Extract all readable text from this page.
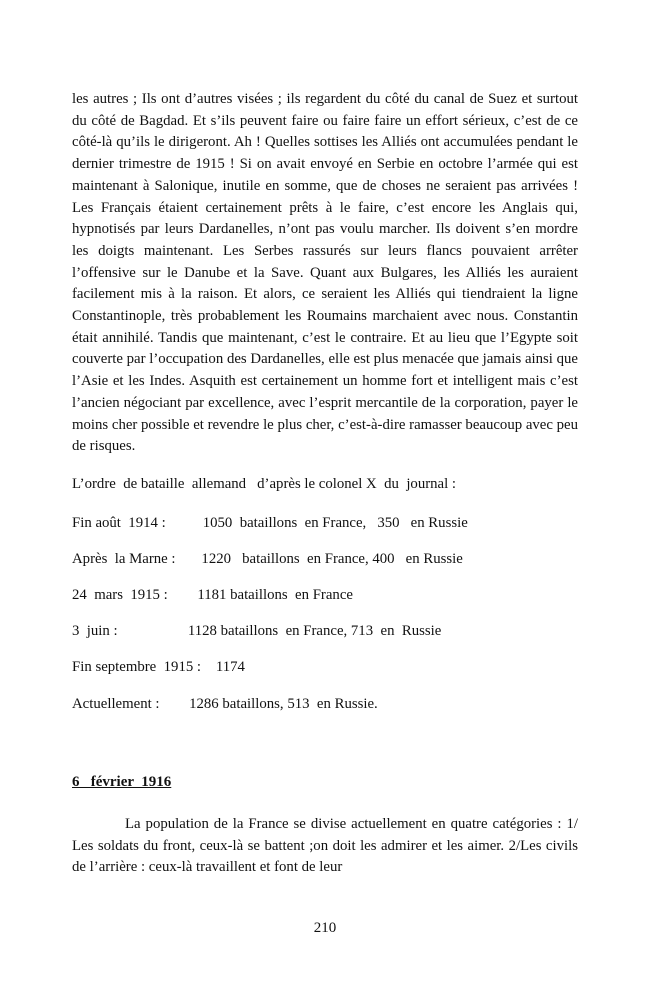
les autres ; Ils ont d’autres visées ; ils regardent du côté du canal de Suez et surtout du côté de Bagdad. Et s’ils peuvent faire ou faire faire un effort sérieux, c’est de ce côté-là qu’ils le dirigeront. Ah ! Quelles sottises les Alliés ont accumulées pendant le dernier trimestre de 1915 ! Si on avait envoyé en Serbie en octobre l’armée qui est maintenant à Salonique, inutile en somme, que de choses ne seraient pas arrivées ! Les Français étaient certainement prêts à le faire, c’est encore les Anglais qui, hypnotisés par leurs Dardanelles, n’ont pas voulu marcher. Ils doivent s’en mordre les doigts maintenant. Les Serbes rassurés sur leurs flancs pouvaient arrêter l’offensive sur le Danube et la Save. Quant aux Bulgares, les Alliés les auraient facilement mis à la raison. Et alors, ce seraient les Alliés qui tiendraient la ligne Constantinople, très probablement les Roumains marchaient avec nous. Constantin était annihilé. Tandis que maintenant, c’est le contraire. Et au lieu que l’Egypte soit couverte par l’occupation des Dardanelles, elle est plus menacée que jamais ainsi que l’Asie et les Indes. Asquith est certainement un homme fort et intelligent mais c’est l’ancien négociant par excellence, avec l’esprit mercantile de la corporation, payer le moins cher possible et revendre le plus cher, c’est-à-dire ramasser beaucoup avec peu de risques.

L’ordre  de bataille  allemand   d’après le colonel X  du  journal :

Fin août  1914 :          1050  bataillons  en France,   350   en Russie

Après  la Marne :       1220   bataillons  en France, 400   en Russie

24  mars  1915 :        1181 bataillons  en France

3  juin :                   1128 bataillons  en France, 713  en  Russie

Fin septembre  1915 :    1174

Actuellement :        1286 bataillons, 513  en Russie.

6   février  1916

La population de la France se divise actuellement en quatre catégories : 1/ Les soldats du front, ceux-là se battent ;on doit les admirer et les aimer. 2/Les civils de l’arrière : ceux-là travaillent et font de leur

210
